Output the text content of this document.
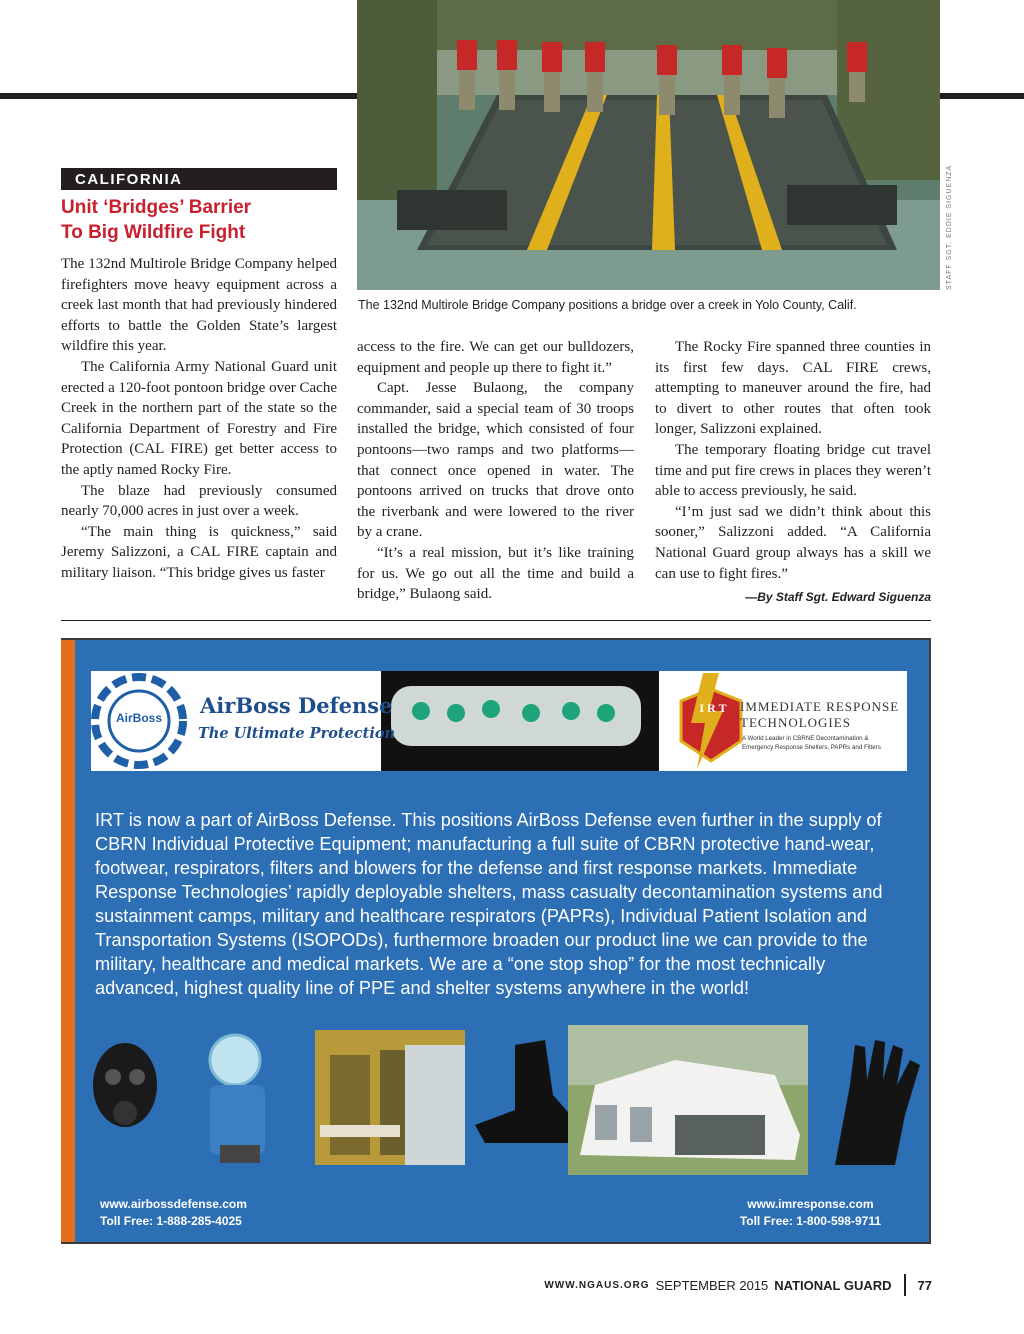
STAFF SGT. EDDIE SIGUENZA
The 132nd Multirole Bridge Company positions a bridge over a creek in Yolo County, Calif.
CALIFORNIA
Unit ‘Bridges’ Barrier
To Big Wildfire Fight

The 132nd Multirole Bridge Company helped firefighters move heavy equipment across a creek last month that had previously hindered efforts to battle the Golden State’s largest wildfire this year.

The California Army National Guard unit erected a 120-foot pontoon bridge over Cache Creek in the northern part of the state so the California Department of Forestry and Fire Protection (CAL FIRE) get better access to the aptly named Rocky Fire.

The blaze had previously consumed nearly 70,000 acres in just over a week.

“The main thing is quickness,” said Jeremy Salizzoni, a CAL FIRE captain and military liaison. “This bridge gives us faster

access to the fire. We can get our bulldozers, equipment and people up there to fight it.”

Capt. Jesse Bulaong, the company commander, said a special team of 30 troops installed the bridge, which consisted of four pontoons—two ramps and two platforms—that connect once opened in water. The pontoons arrived on trucks that drove onto the riverbank and were lowered to the river by a crane.

“It’s a real mission, but it’s like training for us. We go out all the time and build a bridge,” Bulaong said.

The Rocky Fire spanned three counties in its first few days. CAL FIRE crews, attempting to maneuver around the fire, had to divert to other routes that often took longer, Salizzoni explained.

The temporary floating bridge cut travel time and put fire crews in places they weren’t able to access previously, he said.

“I’m just sad we didn’t think about this sooner,” Salizzoni added. “A California National Guard group always has a skill we can use to fight fires.”

—By Staff Sgt. Edward Siguenza
AirBoss	AirBoss Defense
The Ultimate Protection
I R T	IMMEDIATE RESPONSE
TECHNOLOGIES
A World Leader in CBRNE Decontamination &
Emergency Response Shelters, PAPRs and Filters
IRT is now a part of AirBoss Defense. This positions AirBoss Defense even further in the supply of CBRN Individual Protective Equipment; manufacturing a full suite of CBRN protective hand-wear, footwear, respirators, filters and blowers for the defense and first response markets. Immediate Response Technologies’ rapidly deployable shelters, mass casualty decontamination systems and sustainment camps, military and healthcare respirators (PAPRs), Individual Patient Isolation and Transportation Systems (ISOPODs), furthermore broaden our product line we can provide to the military, healthcare and medical markets. We are a “one stop shop” for the most technically advanced, highest quality line of PPE and shelter systems anywhere in the world!
www.airbossdefense.com
Toll Free: 1-888-285-4025
www.imresponse.com
Toll Free: 1-800-598-9711
WWW.NGAUS.ORG SEPTEMBER 2015 NATIONAL GUARD 77
